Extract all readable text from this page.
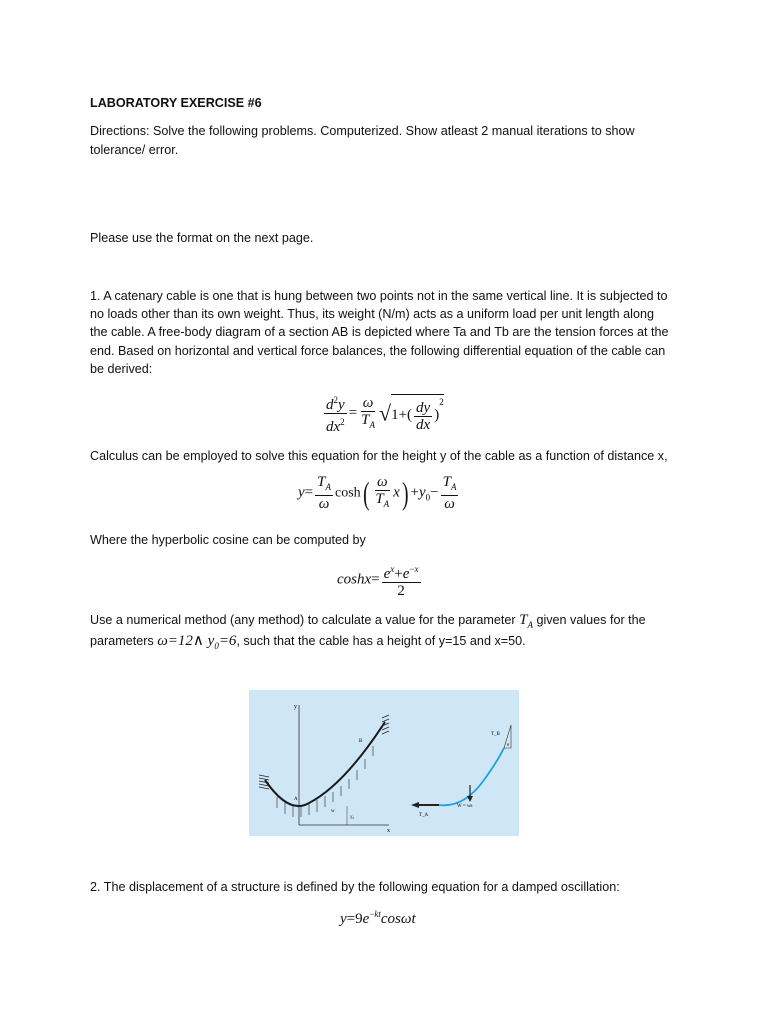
LABORATORY EXERCISE #6
Directions: Solve the following problems. Computerized. Show atleast 2 manual iterations to show
tolerance/ error.
Please use the format on the next page.
1. A catenary cable is one that is hung between two points not in the same vertical line. It is subjected to
no loads other than its own weight. Thus, its weight (N/m) acts as a uniform load per unit length along
the cable. A free-body diagram of a section AB is depicted where Ta and Tb are the tension forces at the
end. Based on horizontal and vertical force balances, the following differential equation of the cable can
be derived:
$\frac{d^2y}{dx^2} = \frac{\omega}{T_A} √1+( \frac{dy}{dx} )^2$
Calculus can be employed to solve this equation for the height y of the cable as a function of distance x,
$y= \frac{T_A}{\omega} \cosh( \frac{\omega}{T_A} x) +y_0- \frac{T_A}{\omega}$
Where the hyperbolic cosine can be computed by
$\cosh x= \frac{e^x+e^{-x}}{2}$
Use a numerical method (any method) to calculate a value for the parameter $T_A$ given values for the
parameters ω=12∧ $y_0=6$, such that the cable has a height of y=15 and x=50.
y
x
A
B
w
y₀	T_A
W = ws
T_B
θ
2. The displacement of a structure is defined by the following equation for a damped oscillation:
$y=9e^{-kt}\cos\omega t$
